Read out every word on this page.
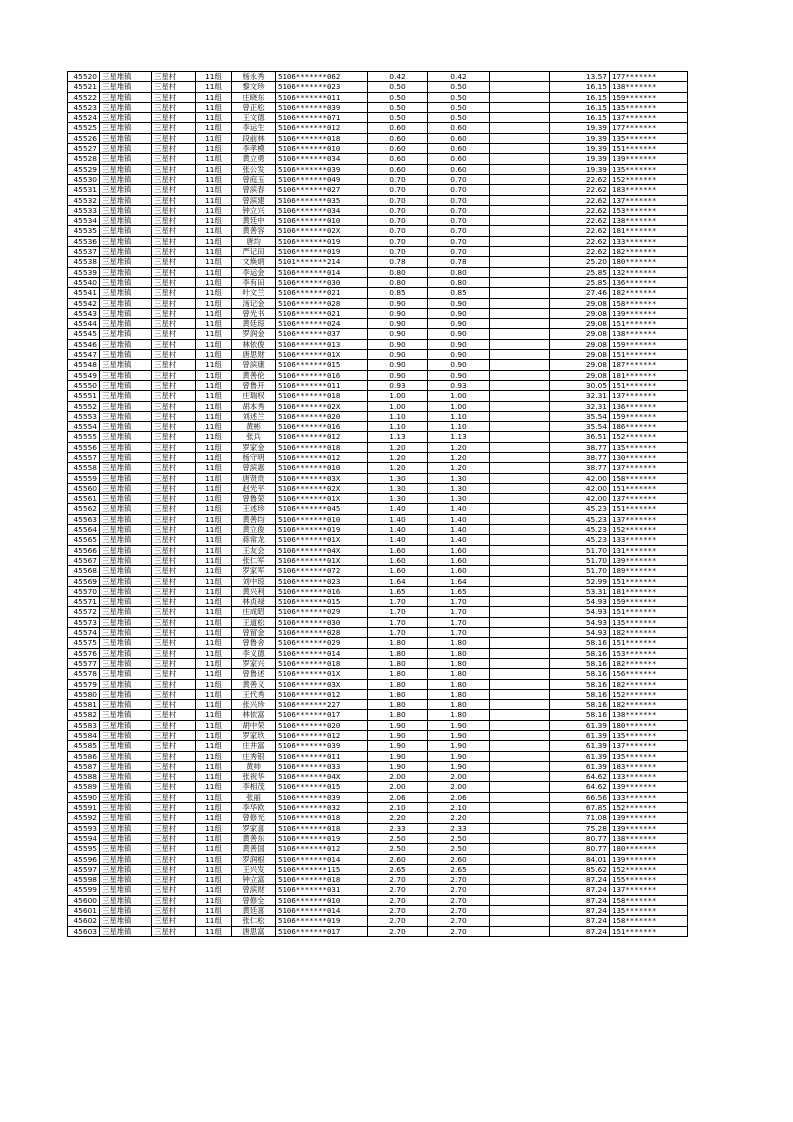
45520	三星堆镇	三星村	11组	杨永秀	5106*******062	0.42	0.42		13.57	177*******
45521	三星堆镇	三星村	11组	黎文珍	5106*******023	0.50	0.50		16.15	138*******
45522	三星堆镇	三星村	11组	庄晓东	5106*******011	0.50	0.50		16.15	159*******
45523	三星堆镇	三星村	11组	曾正松	5106*******039	0.50	0.50		16.15	135*******
45524	三星堆镇	三星村	11组	王文德	5106*******071	0.50	0.50		16.15	137*******
45525	三星堆镇	三星村	11组	李运生	5106*******012	0.60	0.60		19.39	177*******
45526	三星堆镇	三星村	11组	段前林	5106*******018	0.60	0.60		19.39	135*******
45527	三星堆镇	三星村	11组	李孝模	5106*******010	0.60	0.60		19.39	151*******
45528	三星堆镇	三星村	11组	黄立勇	5106*******034	0.60	0.60		19.39	139*******
45529	三星堆镇	三星村	11组	张公发	5106*******039	0.60	0.60		19.39	135*******
45530	三星堆镇	三星村	11组	曾庭玉	5106*******049	0.70	0.70		22.62	152*******
45531	三星堆镇	三星村	11组	曾滨春	5106*******027	0.70	0.70		22.62	183*******
45532	三星堆镇	三星村	11组	曾滨建	5106*******035	0.70	0.70		22.62	137*******
45533	三星堆镇	三星村	11组	钟立兴	5106*******034	0.70	0.70		22.62	153*******
45534	三星堆镇	三星村	11组	黄廷中	5106*******010	0.70	0.70		22.62	138*******
45535	三星堆镇	三星村	11组	黄善容	5106*******02X	0.70	0.70		22.62	181*******
45536	三星堆镇	三星村	11组	唐均	5106*******019	0.70	0.70		22.62	133*******
45537	三星堆镇	三星村	11组	严记田	5106*******019	0.70	0.70		22.62	182*******
45538	三星堆镇	三星村	11组	文焕炳	5101*******214	0.78	0.78		25.20	180*******
45539	三星堆镇	三星村	11组	李运金	5106*******014	0.80	0.80		25.85	132*******
45540	三星堆镇	三星村	11组	李有田	5106*******030	0.80	0.80		25.85	136*******
45541	三星堆镇	三星村	11组	叶文兰	5106*******021	0.85	0.85		27.46	182*******
45542	三星堆镇	三星村	11组	汤记金	5106*******028	0.90	0.90		29.08	158*******
45543	三星堆镇	三星村	11组	曾光书	5106*******021	0.90	0.90		29.08	139*******
45544	三星堆镇	三星村	11组	黄廷琼	5106*******024	0.90	0.90		29.08	151*******
45545	三星堆镇	三星村	11组	罗润金	5106*******037	0.90	0.90		29.08	138*******
45546	三星堆镇	三星村	11组	林依俊	5106*******013	0.90	0.90		29.08	159*******
45547	三星堆镇	三星村	11组	唐思财	5106*******01X	0.90	0.90		29.08	151*******
45548	三星堆镇	三星村	11组	曾滨康	5106*******015	0.90	0.90		29.08	187*******
45549	三星堆镇	三星村	11组	黄善伦	5106*******016	0.90	0.90		29.08	181*******
45550	三星堆镇	三星村	11组	曾鲁开	5106*******011	0.93	0.93		30.05	151*******
45551	三星堆镇	三星村	11组	庄瑞权	5106*******018	1.00	1.00		32.31	137*******
45552	三星堆镇	三星村	11组	胡本秀	5106*******02X	1.00	1.00		32.31	136*******
45553	三星堆镇	三星村	11组	刘述兰	5106*******020	1.10	1.10		35.54	159*******
45554	三星堆镇	三星村	11组	黄彬	5106*******016	1.10	1.10		35.54	186*******
45555	三星堆镇	三星村	11组	张兵	5106*******012	1.13	1.13		36.51	152*******
45556	三星堆镇	三星村	11组	罗家金	5106*******018	1.20	1.20		38.77	135*******
45557	三星堆镇	三星村	11组	杨守明	5106*******012	1.20	1.20		38.77	130*******
45558	三星堆镇	三星村	11组	曾滨惠	5106*******010	1.20	1.20		38.77	137*******
45559	三星堆镇	三星村	11组	唐贤贵	5106*******03X	1.30	1.30		42.00	158*******
45560	三星堆镇	三星村	11组	赵光平	5106*******02X	1.30	1.30		42.00	151*******
45561	三星堆镇	三星村	11组	曾鲁荣	5106*******01X	1.30	1.30		42.00	137*******
45562	三星堆镇	三星村	11组	王述珍	5106*******045	1.40	1.40		45.23	151*******
45563	三星堆镇	三星村	11组	黄善均	5106*******010	1.40	1.40		45.23	137*******
45564	三星堆镇	三星村	11组	黄立俊	5106*******019	1.40	1.40		45.23	152*******
45565	三星堆镇	三星村	11组	蒋常龙	5106*******01X	1.40	1.40		45.23	133*******
45566	三星堆镇	三星村	11组	王友会	5106*******04X	1.60	1.60		51.70	131*******
45567	三星堆镇	三星村	11组	张仁军	5106*******01X	1.60	1.60		51.70	139*******
45568	三星堆镇	三星村	11组	罗家军	5106*******072	1.60	1.60		51.70	189*******
45569	三星堆镇	三星村	11组	刘中琼	5106*******023	1.64	1.64		52.99	151*******
45570	三星堆镇	三星村	11组	黄兴利	5106*******016	1.65	1.65		53.31	181*******
45571	三星堆镇	三星村	11组	林贞禄	5106*******015	1.70	1.70		54.93	159*******
45572	三星堆镇	三星村	11组	庄成昭	5106*******029	1.70	1.70		54.93	151*******
45573	三星堆镇	三星村	11组	王道松	5106*******030	1.70	1.70		54.93	135*******
45574	三星堆镇	三星村	11组	曾留金	5106*******028	1.70	1.70		54.93	182*******
45575	三星堆镇	三星村	11组	曾鲁舍	5106*******029	1.80	1.80		58.16	151*******
45576	三星堆镇	三星村	11组	李义德	5106*******014	1.80	1.80		58.16	153*******
45577	三星堆镇	三星村	11组	罗家兴	5106*******018	1.80	1.80		58.16	182*******
45578	三星堆镇	三星村	11组	曾鲁述	5106*******01X	1.80	1.80		58.16	156*******
45579	三星堆镇	三星村	11组	黄善义	5106*******03X	1.80	1.80		58.16	182*******
45580	三星堆镇	三星村	11组	王代秀	5106*******012	1.80	1.80		58.16	152*******
45581	三星堆镇	三星村	11组	张兴珍	5106*******227	1.80	1.80		58.16	182*******
45582	三星堆镇	三星村	11组	林依富	5106*******017	1.80	1.80		58.16	138*******
45583	三星堆镇	三星村	11组	胡中荣	5106*******020	1.90	1.90		61.39	180*******
45584	三星堆镇	三星村	11组	罗家玖	5106*******012	1.90	1.90		61.39	135*******
45585	三星堆镇	三星村	11组	庄井富	5106*******039	1.90	1.90		61.39	137*******
45586	三星堆镇	三星村	11组	庄秀银	5106*******011	1.90	1.90		61.39	135*******
45587	三星堆镇	三星村	11组	黄帅	5106*******033	1.90	1.90		61.39	183*******
45588	三星堆镇	三星村	11组	张祝华	5106*******04X	2.00	2.00		64.62	133*******
45589	三星堆镇	三星村	11组	李相茂	5106*******015	2.00	2.00		64.62	139*******
45590	三星堆镇	三星村	11组	张丽	5106*******039	2.06	2.06		66.56	133*******
45591	三星堆镇	三星村	11组	李华欧	5106*******032	2.10	2.10		67.85	152*******
45592	三星堆镇	三星村	11组	曾修光	5106*******018	2.20	2.20		71.08	139*******
45593	三星堆镇	三星村	11组	罗家喜	5106*******018	2.33	2.33		75.28	139*******
45594	三星堆镇	三星村	11组	黄善东	5106*******019	2.50	2.50		80.77	138*******
45595	三星堆镇	三星村	11组	黄善国	5106*******012	2.50	2.50		80.77	180*******
45596	三星堆镇	三星村	11组	罗润根	5106*******014	2.60	2.60		84.01	139*******
45597	三星堆镇	三星村	11组	王兴发	5106*******115	2.65	2.65		85.62	152*******
45598	三星堆镇	三星村	11组	钟立富	5106*******018	2.70	2.70		87.24	155*******
45599	三星堆镇	三星村	11组	曾滨财	5106*******031	2.70	2.70		87.24	137*******
45600	三星堆镇	三星村	11组	曾修全	5106*******010	2.70	2.70		87.24	158*******
45601	三星堆镇	三星村	11组	黄廷喜	5106*******014	2.70	2.70		87.24	135*******
45602	三星堆镇	三星村	11组	张仁松	5106*******019	2.70	2.70		87.24	158*******
45603	三星堆镇	三星村	11组	唐思富	5106*******017	2.70	2.70		87.24	151*******
